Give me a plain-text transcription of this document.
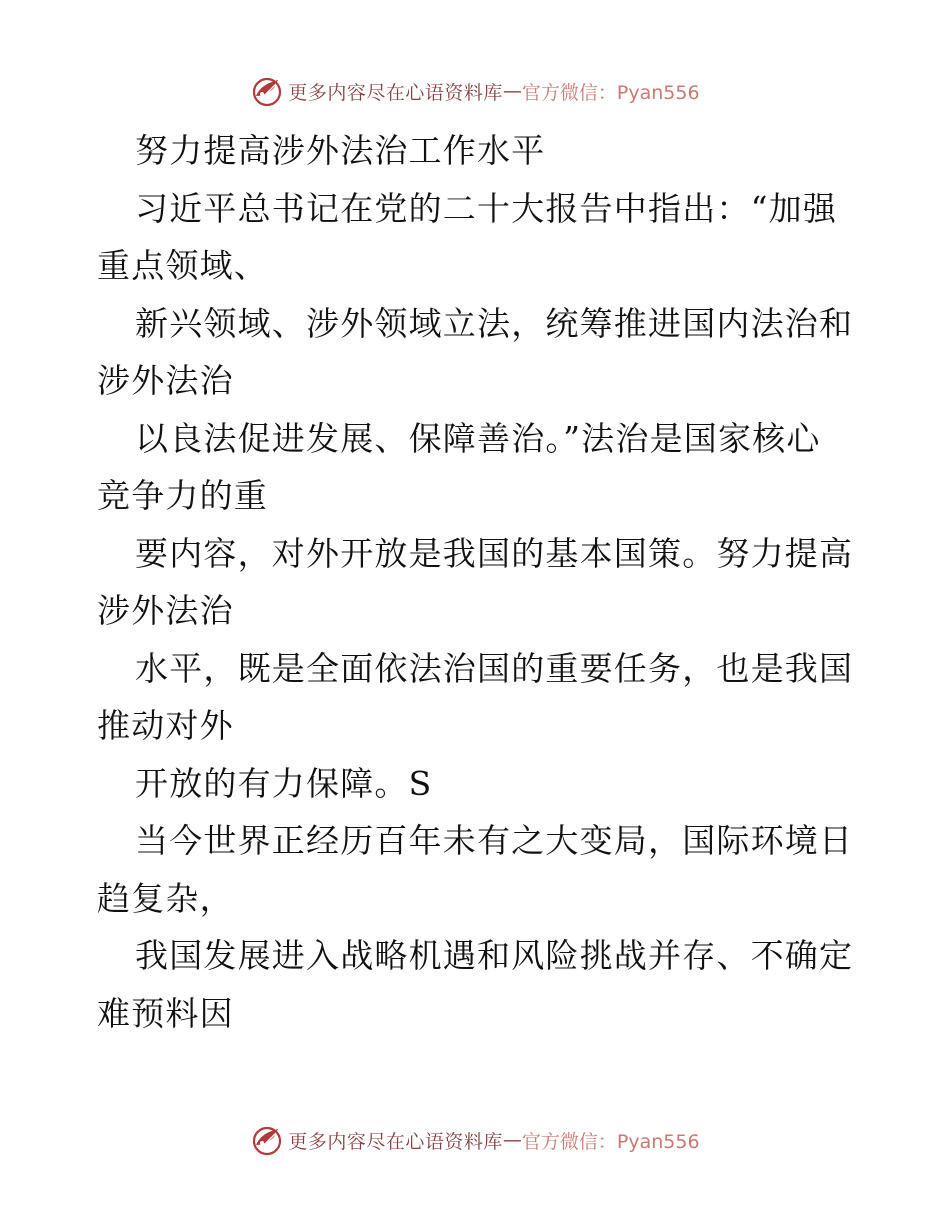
更多内容尽在心语资料库 — 官方微信：Pyan556
努力提高涉外法治工作水平
习近平总书记在党的二十大报告中指出：“加强
重点领域、
新兴领域、涉外领域立法，统筹推进国内法治和
涉外法治
以良法促进发展、保障善治。”法治是国家核心
竞争力的重
要内容，对外开放是我国的基本国策。努力提高
涉外法治
水平，既是全面依法治国的重要任务，也是我国
推动对外
开放的有力保障。S
当今世界正经历百年未有之大变局，国际环境日
趋复杂，
我国发展进入战略机遇和风险挑战并存、不确定
难预料因
更多内容尽在心语资料库 — 官方微信：Pyan556
